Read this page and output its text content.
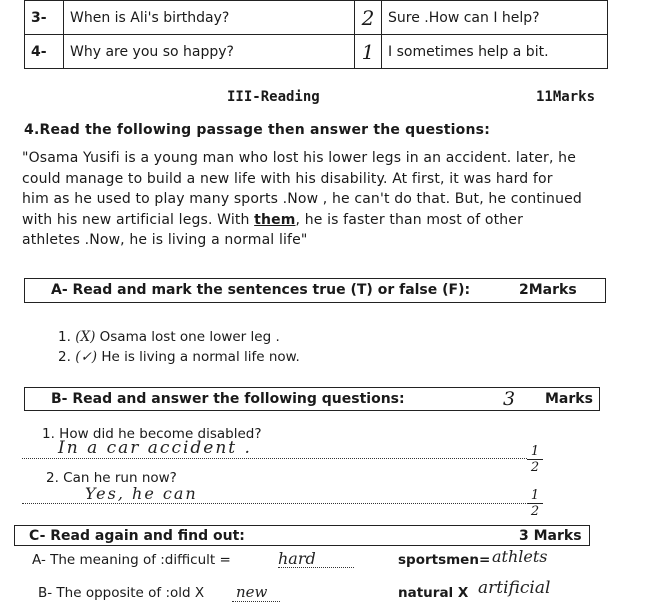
3-	When is Ali's birthday?	2	Sure .How can I help?
4-	Why are you so happy?	1	I sometimes help a bit.
III-Reading	11Marks
4.Read the following passage then answer the questions:
"Osama Yusifi is a young man who lost his lower legs in an accident. later, he
could manage to build a new life with his disability. At first, it was hard for
him as he used to play many sports .Now , he can't do that. But, he continued
with his new artificial legs. With them, he is faster than most of other
athletes .Now, he is living a normal life"
A- Read and mark the sentences true (T) or false (F):	2Marks
1. (X) Osama lost one lower leg .
2. (✓) He is living a normal life now.
B- Read and answer the following questions:	3 Marks
1. How did he become disabled?
In a car accident .	1
2
2. Can he run now?
Yes, he can	1
2
C- Read again and find out:	3 Marks
A- The meaning of :difficult =	hard	sportsmen= athlets
B- The opposite of :old X new	natural X artificial
